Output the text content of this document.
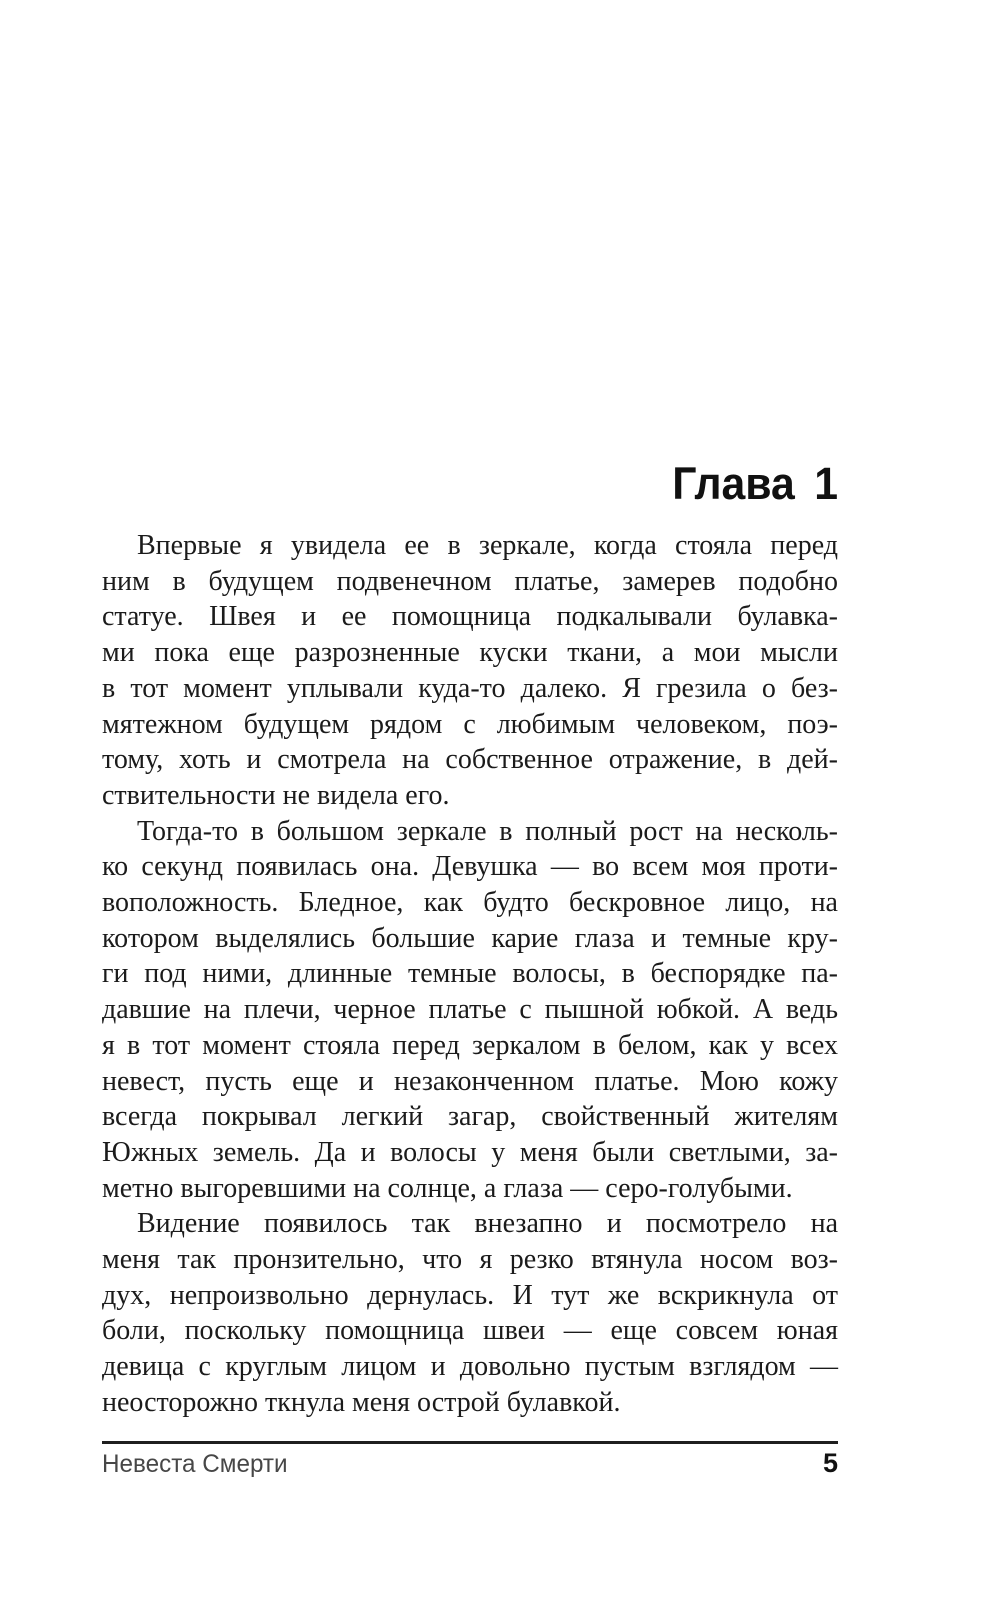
Глава 1
Впервые я увидела ее в зеркале, когда стояла перед
ним в будущем подвенечном платье, замерев подобно
статуе. Швея и ее помощница подкалывали булавка-
ми пока еще разрозненные куски ткани, а мои мысли
в тот момент уплывали куда-то далеко. Я грезила о без-
мятежном будущем рядом с любимым человеком, поэ-
тому, хоть и смотрела на собственное отражение, в дей-
ствительности не видела его.
Тогда-то в большом зеркале в полный рост на несколь-
ко секунд появилась она. Девушка — во всем моя проти-
воположность. Бледное, как будто бескровное лицо, на
котором выделялись большие карие глаза и темные кру-
ги под ними, длинные темные волосы, в беспорядке па-
давшие на плечи, черное платье с пышной юбкой. А ведь
я в тот момент стояла перед зеркалом в белом, как у всех
невест, пусть еще и незаконченном платье. Мою кожу
всегда покрывал легкий загар, свойственный жителям
Южных земель. Да и волосы у меня были светлыми, за-
метно выгоревшими на солнце, а глаза — серо-голубыми.
Видение появилось так внезапно и посмотрело на
меня так пронзительно, что я резко втянула носом воз-
дух, непроизвольно дернулась. И тут же вскрикнула от
боли, поскольку помощница швеи — еще совсем юная
девица с круглым лицом и довольно пустым взглядом —
неосторожно ткнула меня острой булавкой.
Невеста Смерти	5
